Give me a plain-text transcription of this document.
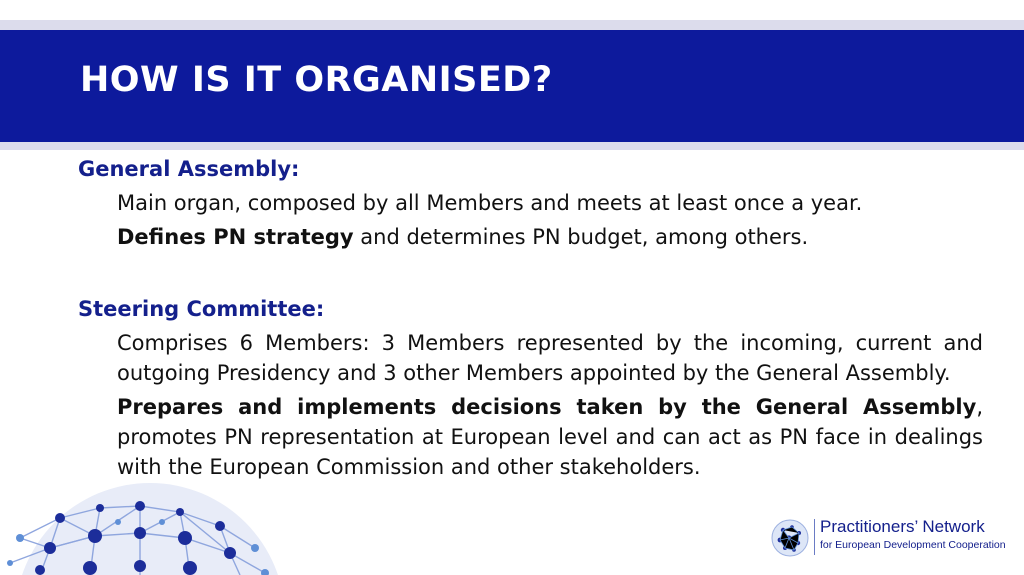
HOW IS IT ORGANISED?

General Assembly:

Main organ, composed by all Members and meets at least once a year.

Defines PN strategy and determines PN budget, among others.

Steering Committee:

Comprises 6 Members: 3 Members represented by the incoming, current and outgoing Presidency and 3 other Members appointed by the General Assembly.

Prepares and implements decisions taken by the General Assembly, promotes PN representation at European level and can act as PN face in dealings with the European Commission and other stakeholders.

Practitioners’ Network
for European Development Cooperation
